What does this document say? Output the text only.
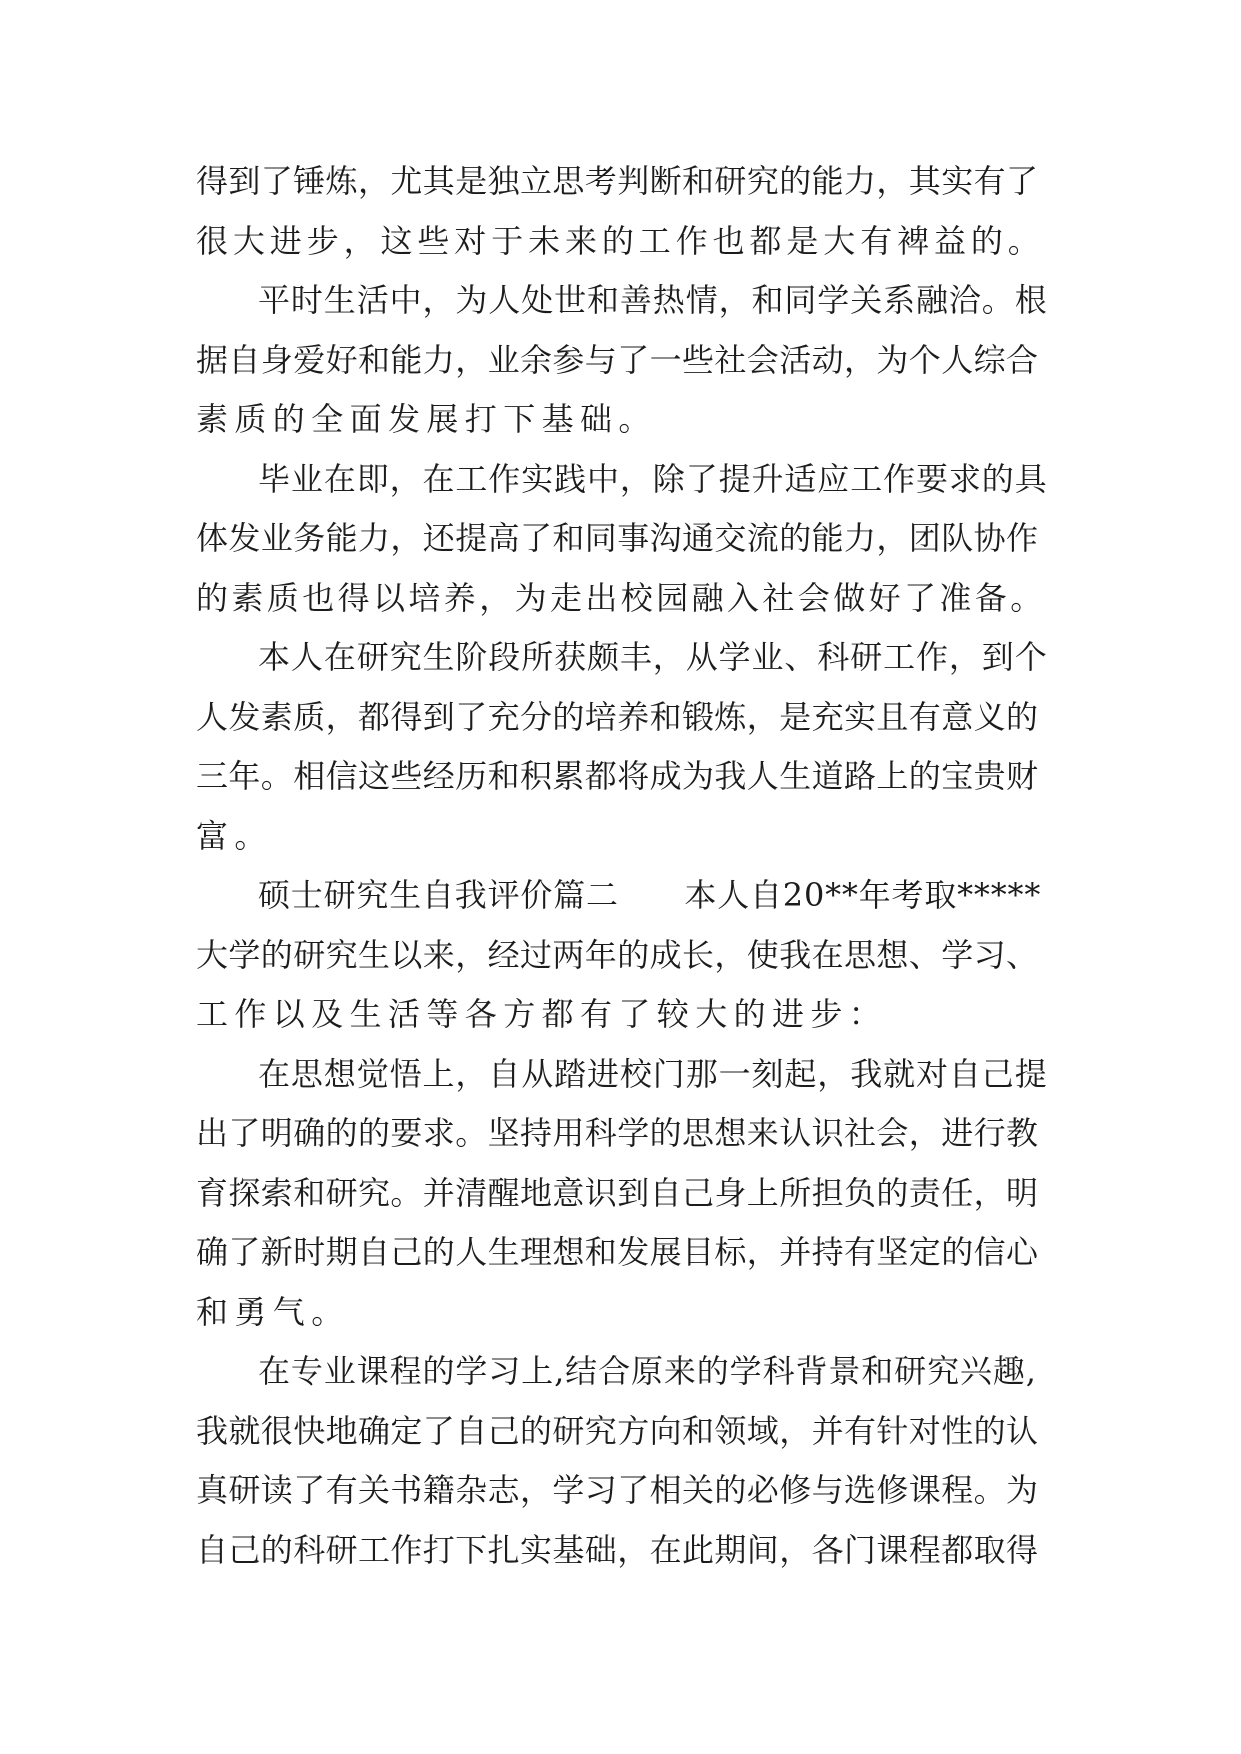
得到了锤炼，尤其是独立思考判断和研究的能力，其实有了
很大进步，这些对于未来的工作也都是大有裨益的。
平时生活中，为人处世和善热情，和同学关系融洽。根
据自身爱好和能力，业余参与了一些社会活动，为个人综合
素质的全面发展打下基础。
毕业在即，在工作实践中，除了提升适应工作要求的具
体发业务能力，还提高了和同事沟通交流的能力，团队协作
的素质也得以培养，为走出校园融入社会做好了准备。
本人在研究生阶段所获颇丰，从学业、科研工作，到个
人发素质，都得到了充分的培养和锻炼，是充实且有意义的
三年。相信这些经历和积累都将成为我人生道路上的宝贵财
富。
硕士研究生自我评价篇二　　本人自20**年考取*****
大学的研究生以来，经过两年的成长，使我在思想、学习、
工作以及生活等各方都有了较大的进步：
在思想觉悟上，自从踏进校门那一刻起，我就对自己提
出了明确的的要求。坚持用科学的思想来认识社会，进行教
育探索和研究。并清醒地意识到自己身上所担负的责任，明
确了新时期自己的人生理想和发展目标，并持有坚定的信心
和勇气。
在专业课程的学习上,结合原来的学科背景和研究兴趣,
我就很快地确定了自己的研究方向和领域，并有针对性的认
真研读了有关书籍杂志，学习了相关的必修与选修课程。为
自己的科研工作打下扎实基础，在此期间，各门课程都取得
